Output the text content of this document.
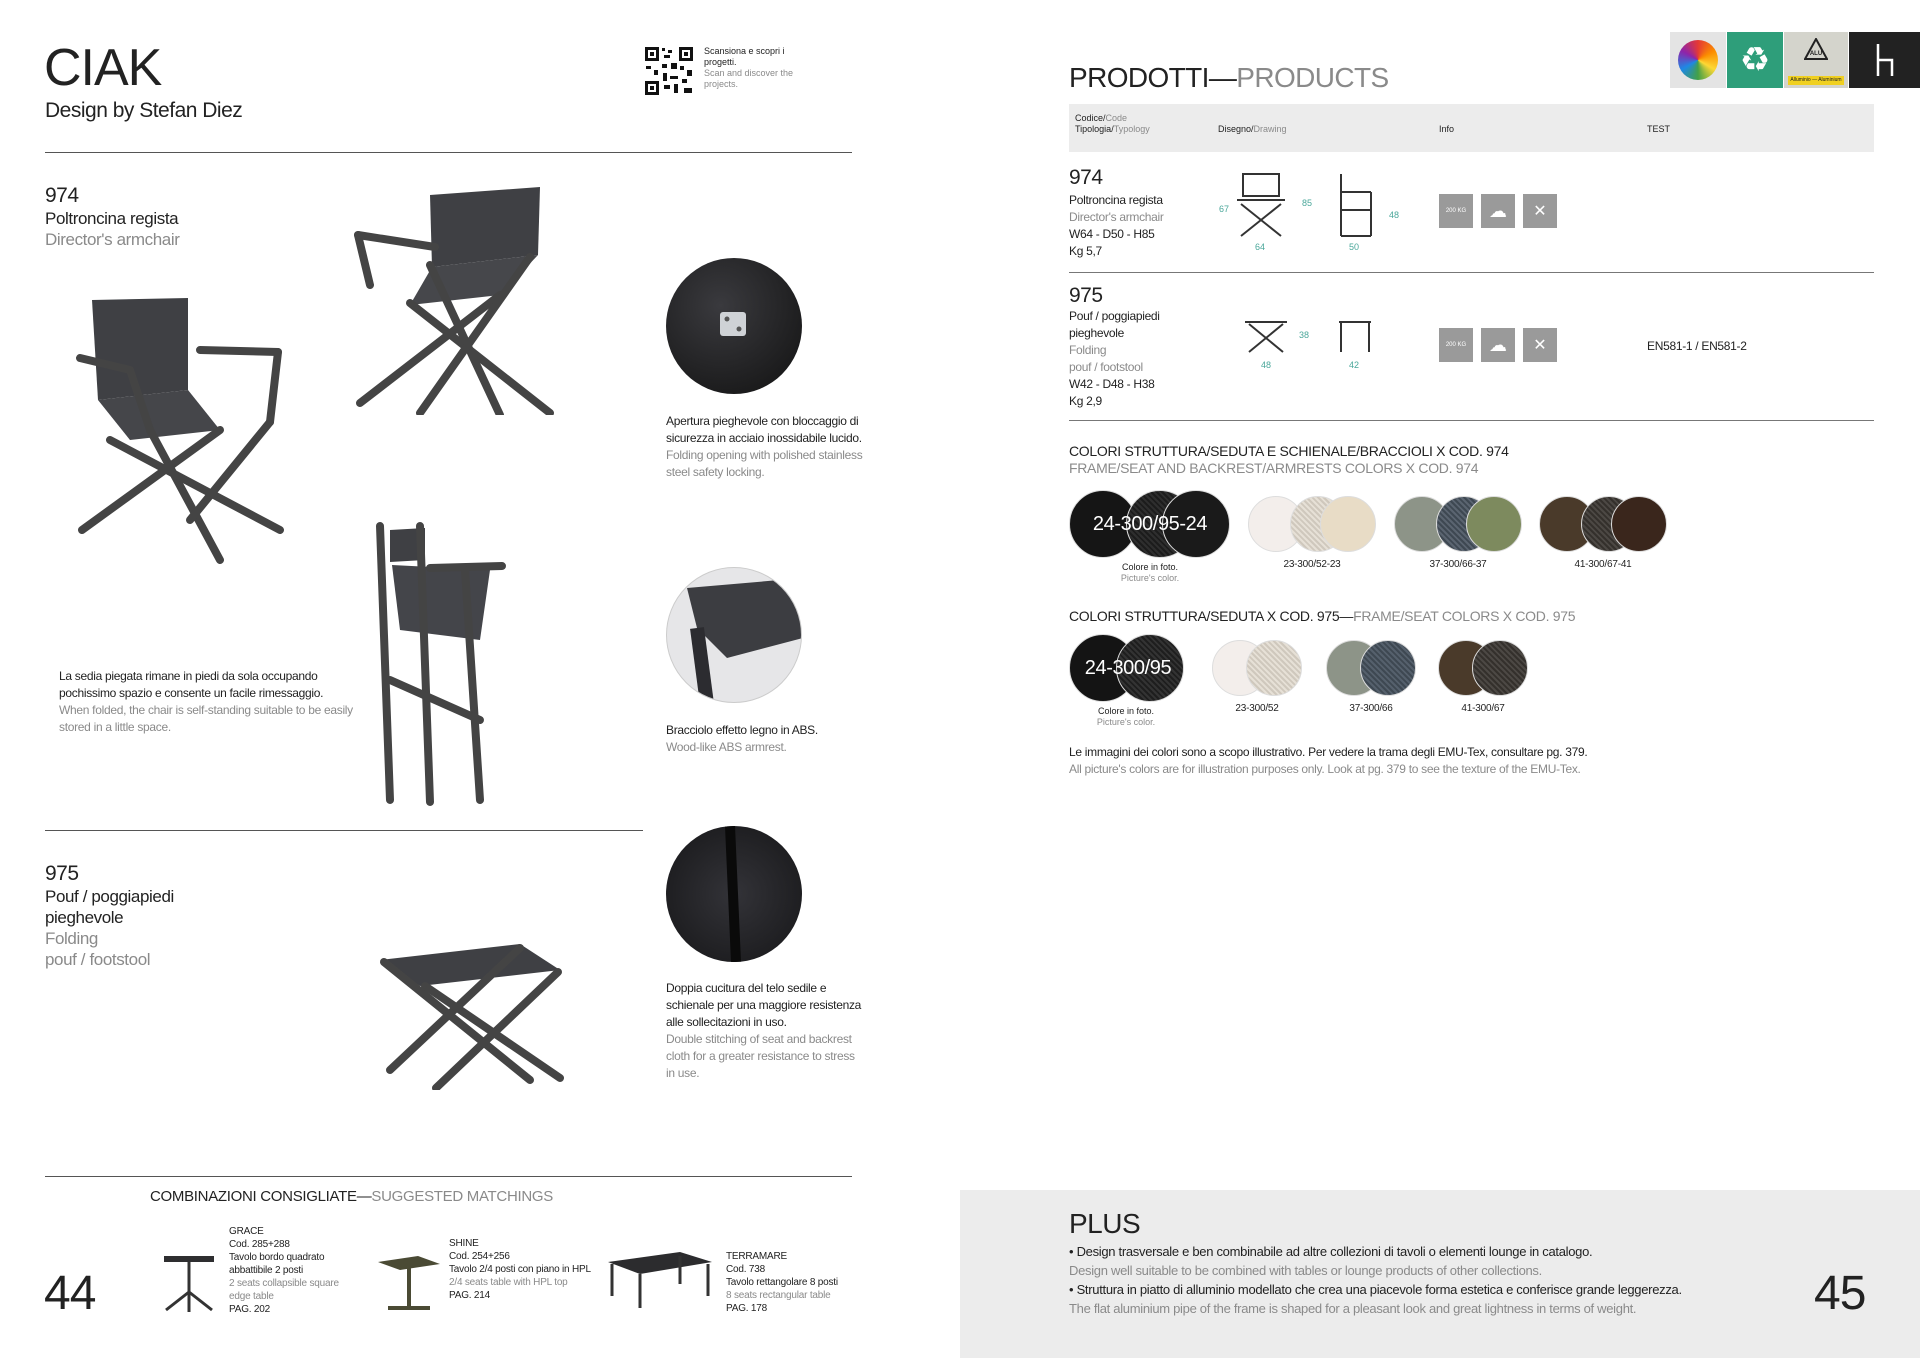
CIAK
Design by Stefan Diez
Scansiona e scopri i progetti.
Scan and discover the projects.
974
Poltroncina regista
Director's armchair
La sedia piegata rimane in piedi da sola occupando pochissimo spazio e consente un facile rimessaggio.
When folded, the chair is self-standing suitable to be easily stored in a little space.
Apertura pieghevole con bloccaggio di sicurezza in acciaio inossidabile lucido.
Folding opening with polished stainless steel safety locking.
Bracciolo effetto legno in ABS.
Wood-like ABS armrest.
Doppia cucitura del telo sedile e schienale per una maggiore resistenza alle sollecitazioni in uso.
Double stitching of seat and backrest cloth for a greater resistance to stress in use.
975
Pouf / poggiapiedi
pieghevole
Folding
pouf / footstool
COMBINAZIONI CONSIGLIATE—SUGGESTED MATCHINGS
44
GRACE
Cod. 285+288
Tavolo bordo quadrato abbattibile 2 posti
2 seats collapsible square edge table
PAG. 202
SHINE
Cod. 254+256
Tavolo 2/4 posti con piano in HPL
2/4 seats table with HPL top
PAG. 214
TERRAMARE
Cod. 738
Tavolo rettangolare 8 posti
8 seats rectangular table
PAG. 178
♻	ALU
Alluminio — Aluminium
PRODOTTI—PRODUCTS
Codice/Code
Tipologia/Typology	Disegno/Drawing	Info	TEST
974
Poltroncina regista
Director's armchair
W64 - D50 - H85
Kg 5,7
67
85
64
48
50
200 KG	☁	✕
975
Pouf / poggiapiedi
pieghevole
Folding
pouf / footstool
W42 - D48 - H38
Kg 2,9
38
48	42
200 KG	☁	✕	EN581-1 / EN581-2
COLORI STRUTTURA/SEDUTA E SCHIENALE/BRACCIOLI X COD. 974
FRAME/SEAT AND BACKREST/ARMRESTS COLORS X COD. 974
24-300/95-24
Colore in foto.
Picture's color.
23-300/52-23	37-300/66-37	41-300/67-41
COLORI STRUTTURA/SEDUTA X COD. 975—FRAME/SEAT COLORS X COD. 975
24-300/95
Colore in foto.
Picture's color.
23-300/52	37-300/66	41-300/67
Le immagini dei colori sono a scopo illustrativo. Per vedere la trama degli EMU-Tex, consultare pg. 379.
All picture's colors are for illustration purposes only. Look at pg. 379 to see the texture of the EMU-Tex.
PLUS
• Design trasversale e ben combinabile ad altre collezioni di tavoli o elementi lounge in catalogo.
Design well suitable to be combined with tables or lounge products of other collections.
• Struttura in piatto di alluminio modellato che crea una piacevole forma estetica e conferisce grande leggerezza.
The flat aluminium pipe of the frame is shaped for a pleasant look and great lightness in terms of weight.	45
